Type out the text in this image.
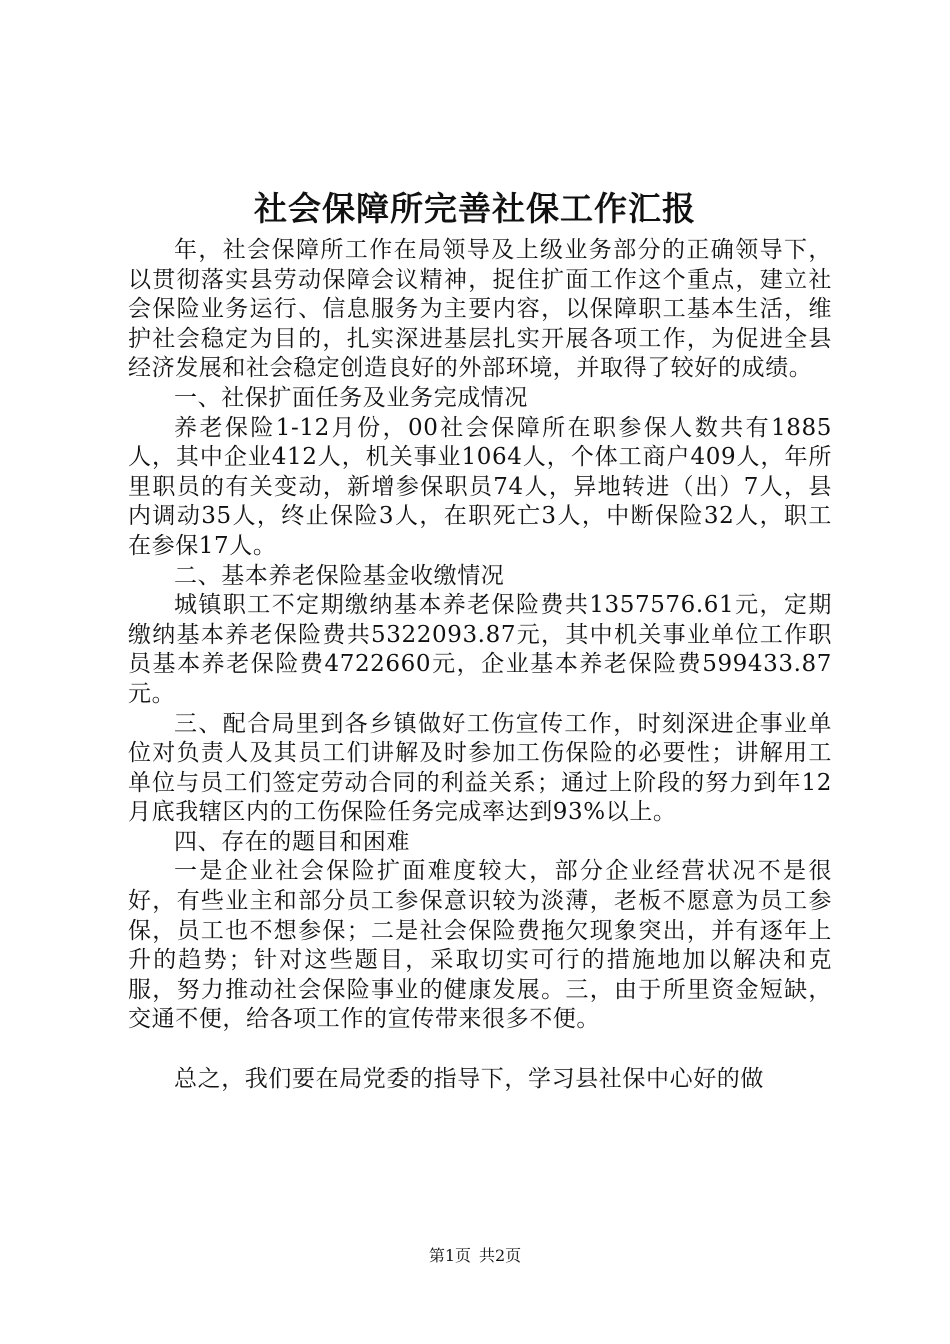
社会保障所完善社保工作汇报

年，社会保障所工作在局领导及上级业务部分的正确领导下，以贯彻落实县劳动保障会议精神，捉住扩面工作这个重点，建立社会保险业务运行、信息服务为主要内容，以保障职工基本生活，维护社会稳定为目的，扎实深进基层扎实开展各项工作，为促进全县经济发展和社会稳定创造良好的外部环境，并取得了较好的成绩。

一、社保扩面任务及业务完成情况

养老保险1-12月份，00社会保障所在职参保人数共有1885人，其中企业412人，机关事业1064人，个体工商户409人，年所里职员的有关变动，新增参保职员74人，异地转进（出）7人，县内调动35人，终止保险3人，在职死亡3人，中断保险32人，职工在参保17人。

二、基本养老保险基金收缴情况

城镇职工不定期缴纳基本养老保险费共1357576.61元，定期缴纳基本养老保险费共5322093.87元，其中机关事业单位工作职员基本养老保险费4722660元，企业基本养老保险费599433.87元。

三、配合局里到各乡镇做好工伤宣传工作，时刻深进企事业单位对负责人及其员工们讲解及时参加工伤保险的必要性；讲解用工单位与员工们签定劳动合同的利益关系；通过上阶段的努力到年12月底我辖区内的工伤保险任务完成率达到93%以上。

四、存在的题目和困难

一是企业社会保险扩面难度较大，部分企业经营状况不是很好，有些业主和部分员工参保意识较为淡薄，老板不愿意为员工参保，员工也不想参保；二是社会保险费拖欠现象突出，并有逐年上升的趋势；针对这些题目，采取切实可行的措施地加以解决和克服，努力推动社会保险事业的健康发展。三，由于所里资金短缺，交通不便，给各项工作的宣传带来很多不便。

总之，我们要在局党委的指导下，学习县社保中心好的做

第1页 共2页
